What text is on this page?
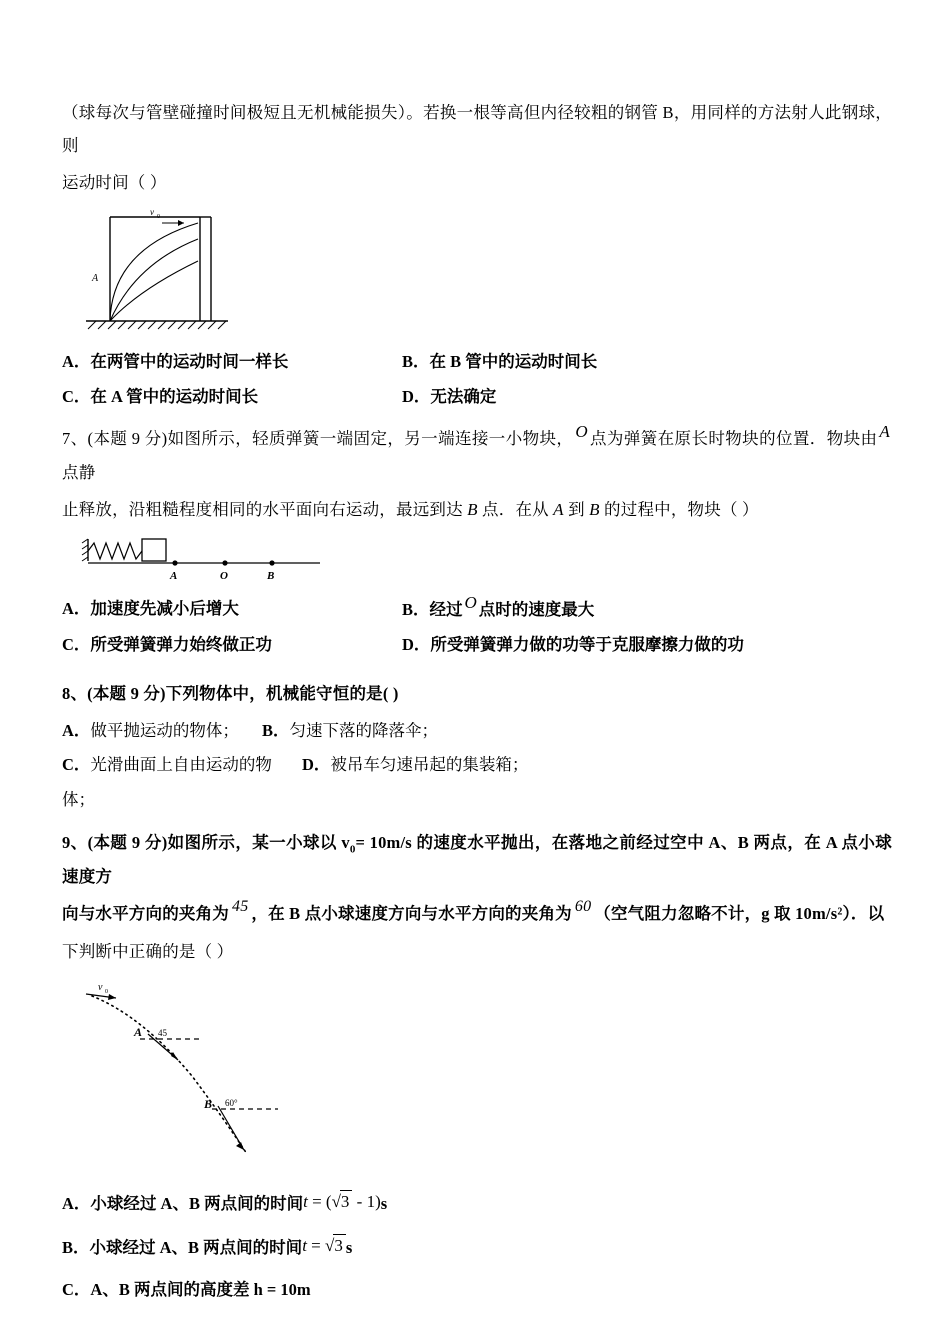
（球每次与管壁碰撞时间极短且无机械能损失）。若换一根等高但内径较粗的钢管 B，用同样的方法射人此钢球，则
运动时间（ ）
v 0
A
A．在两管中的运动时间一样长	B．在 B 管中的运动时间长
C．在 A 管中的运动时间长	D．无法确定
7、(本题 9 分)如图所示，轻质弹簧一端固定，另一端连接一小物块， O 点为弹簧在原长时物块的位置．物块由 A点静
止释放，沿粗糙程度相同的水平面向右运动，最远到达 B 点．在从 A 到 B 的过程中，物块（ ）
A	O	B
A．加速度先减小后增大	B．经过 O 点时的速度最大
C．所受弹簧弹力始终做正功	D．所受弹簧弹力做的功等于克服摩擦力做的功
8、(本题 9 分)下列物体中，机械能守恒的是( )
A．做平抛运动的物体；	B．匀速下落的降落伞；
C．光滑曲面上自由运动的物体；
D．被吊车匀速吊起的集装箱；
9、(本题 9 分)如图所示，某一小球以 $v_0= 10m/s$ 的速度水平抛出，在落地之前经过空中 A、B 两点，在 A 点小球速度方
向与水平方向的夹角为 45 ，在 B 点小球速度方向与水平方向的夹角为 60 （空气阻力忽略不计，g 取 10m/s²）．以
下判断中正确的是（ ）
v 0
A 45
B 60°
A．小球经过 A、B 两点间的时间t = (√3 - 1)s
B．小球经过 A、B 两点间的时间t = √3 s
C．A、B 两点间的高度差 h = 10m
